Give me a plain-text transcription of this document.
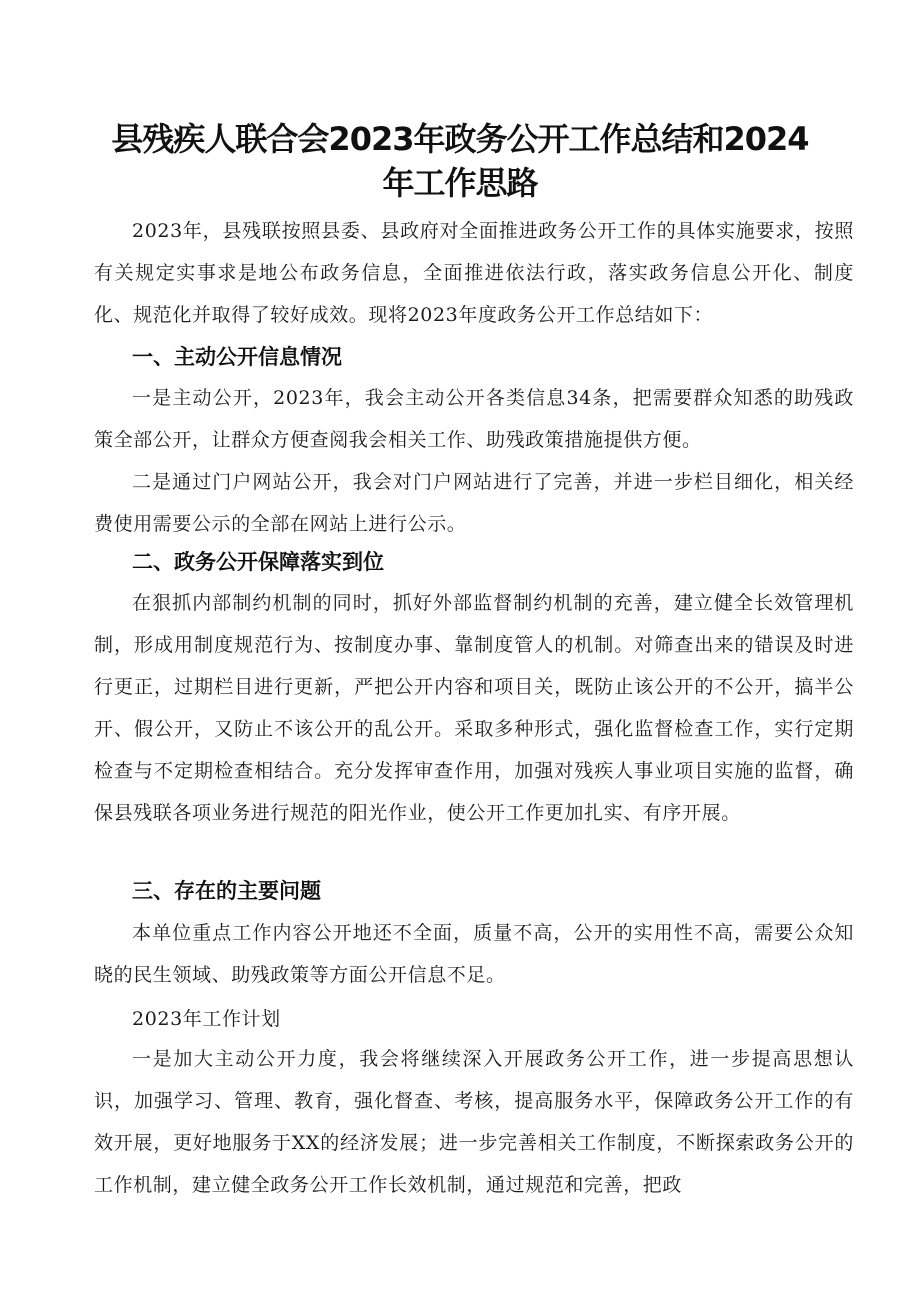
县残疾人联合会2023年政务公开工作总结和2024
年工作思路

2023年，县残联按照县委、县政府对全面推进政务公开工作的具体实施要求，按照有关规定实事求是地公布政务信息，全面推进依法行政，落实政务信息公开化、制度化、规范化并取得了较好成效。现将2023年度政务公开工作总结如下：

一、主动公开信息情况

一是主动公开，2023年，我会主动公开各类信息34条，把需要群众知悉的助残政策全部公开，让群众方便查阅我会相关工作、助残政策措施提供方便。

二是通过门户网站公开，我会对门户网站进行了完善，并进一步栏目细化，相关经费使用需要公示的全部在网站上进行公示。

二、政务公开保障落实到位

在狠抓内部制约机制的同时，抓好外部监督制约机制的充善，建立健全长效管理机制，形成用制度规范行为、按制度办事、靠制度管人的机制。对筛查出来的错误及时进行更正，过期栏目进行更新，严把公开内容和项目关，既防止该公开的不公开，搞半公开、假公开，又防止不该公开的乱公开。采取多种形式，强化监督检查工作，实行定期检查与不定期检查相结合。充分发挥审查作用，加强对残疾人事业项目实施的监督，确保县残联各项业务进行规范的阳光作业，使公开工作更加扎实、有序开展。

三、存在的主要问题

本单位重点工作内容公开地还不全面，质量不高，公开的实用性不高，需要公众知晓的民生领域、助残政策等方面公开信息不足。

2023年工作计划

一是加大主动公开力度，我会将继续深入开展政务公开工作，进一步提高思想认识，加强学习、管理、教育，强化督查、考核，提高服务水平，保障政务公开工作的有效开展，更好地服务于XX的经济发展；进一步完善相关工作制度，不断探索政务公开的工作机制，建立健全政务公开工作长效机制，通过规范和完善，把政
